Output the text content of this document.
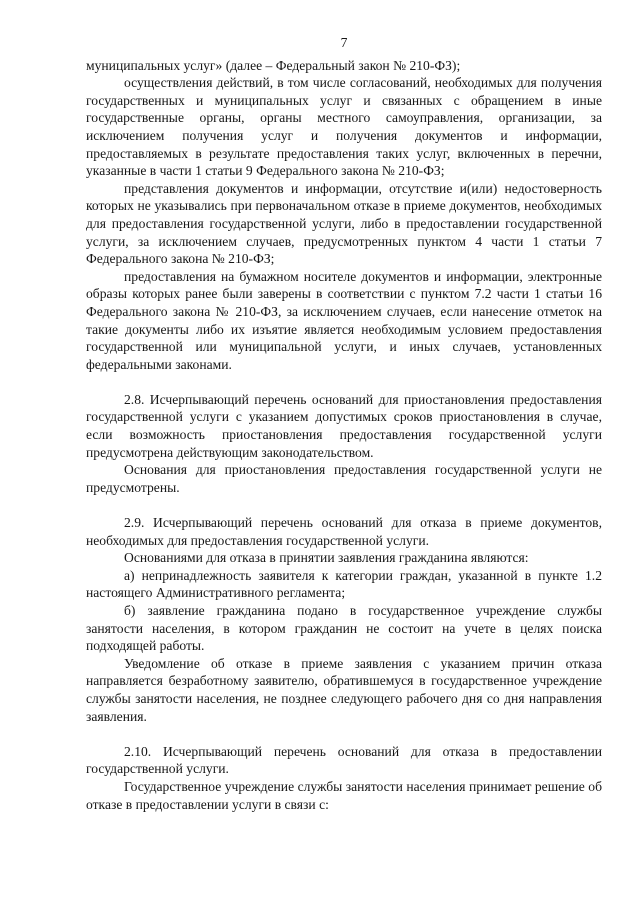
7

муниципальных услуг» (далее – Федеральный закон № 210-ФЗ);

осуществления действий, в том числе согласований, необходимых для получения государственных и муниципальных услуг и связанных с обращением в иные государственные органы, органы местного самоуправления, организации, за исключением получения услуг и получения документов и информации, предоставляемых в результате предоставления таких услуг, включенных в перечни, указанные в части 1 статьи 9 Федерального закона № 210-ФЗ;

представления документов и информации, отсутствие и(или) недостоверность которых не указывались при первоначальном отказе в приеме документов, необходимых для предоставления государственной услуги, либо в предоставлении государственной услуги, за исключением случаев, предусмотренных пунктом 4 части 1 статьи 7 Федерального закона № 210-ФЗ;

предоставления на бумажном носителе документов и информации, электронные образы которых ранее были заверены в соответствии с пунктом 7.2 части 1 статьи 16 Федерального закона № 210-ФЗ, за исключением случаев, если нанесение отметок на такие документы либо их изъятие является необходимым условием предоставления государственной или муниципальной услуги, и иных случаев, установленных федеральными законами.

2.8. Исчерпывающий перечень оснований для приостановления предоставления государственной услуги с указанием допустимых сроков приостановления в случае, если возможность приостановления предоставления государственной услуги предусмотрена действующим законодательством.

Основания для приостановления предоставления государственной услуги не предусмотрены.

2.9. Исчерпывающий перечень оснований для отказа в приеме документов, необходимых для предоставления государственной услуги.

Основаниями для отказа в принятии заявления гражданина являются:

а) непринадлежность заявителя к категории граждан, указанной в пункте 1.2 настоящего Административного регламента;

б) заявление гражданина подано в государственное учреждение службы занятости населения, в котором гражданин не состоит на учете в целях поиска подходящей работы.

Уведомление об отказе в приеме заявления с указанием причин отказа направляется безработному заявителю, обратившемуся в государственное учреждение службы занятости населения, не позднее следующего рабочего дня со дня направления заявления.

2.10. Исчерпывающий перечень оснований для отказа в предоставлении государственной услуги.

Государственное учреждение службы занятости населения принимает решение об отказе в предоставлении услуги в связи с:
